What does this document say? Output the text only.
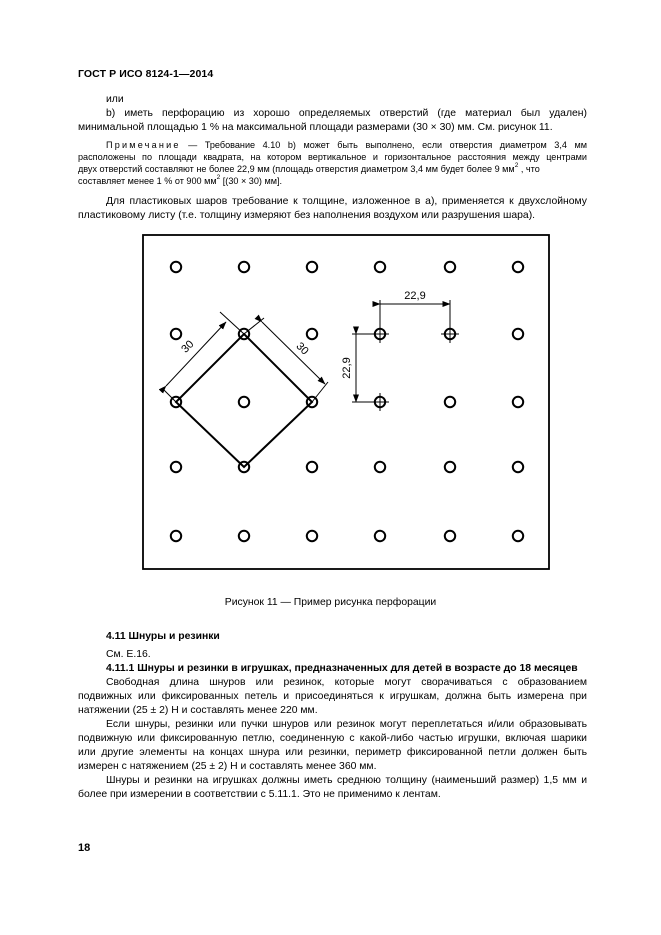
ГОСТ Р ИСО 8124-1—2014
или
b) иметь перфорацию из хорошо определяемых отверстий (где материал был удален)
минимальной площадью 1 % на максимальной площади размерами (30 × 30) мм. См. рисунок 11.
Примечание — Требование 4.10 b) может быть выполнено, если отверстия диаметром 3,4 мм
расположены по площади квадрата, на котором вертикальное и горизонтальное расстояния между центрами
двух отверстий составляют не более 22,9 мм (площадь отверстия диаметром 3,4 мм будет более 9 $мм^2$ , что
составляет менее 1 % от 900 $мм^2$ [(30 × 30) мм].
Для пластиковых шаров требование к толщине, изложенное в а), применяется к двухслойному
пластиковому листу (т.е. толщину измеряют без наполнения воздухом или разрушения шара).
30	30
22,9
22,9
Рисунок 11 — Пример рисунка перфорации
4.11 Шнуры и резинки
См. Е.16.
4.11.1 Шнуры и резинки в игрушках, предназначенных для детей в возрасте до 18 месяцев
Свободная длина шнуров или резинок, которые могут сворачиваться с образованием
подвижных или фиксированных петель и присоединяться к игрушкам, должна быть измерена при
натяжении (25 ± 2) Н и составлять менее 220 мм.
Если шнуры, резинки или пучки шнуров или резинок могут переплетаться и/или образовывать
подвижную или фиксированную петлю, соединенную с какой-либо частью игрушки, включая шарики
или другие элементы на концах шнура или резинки, периметр фиксированной петли должен быть
измерен с натяжением (25 ± 2) Н и составлять менее 360 мм.
Шнуры и резинки на игрушках должны иметь среднюю толщину (наименьший размер) 1,5 мм и
более при измерении в соответствии с 5.11.1. Это не применимо к лентам.
18
